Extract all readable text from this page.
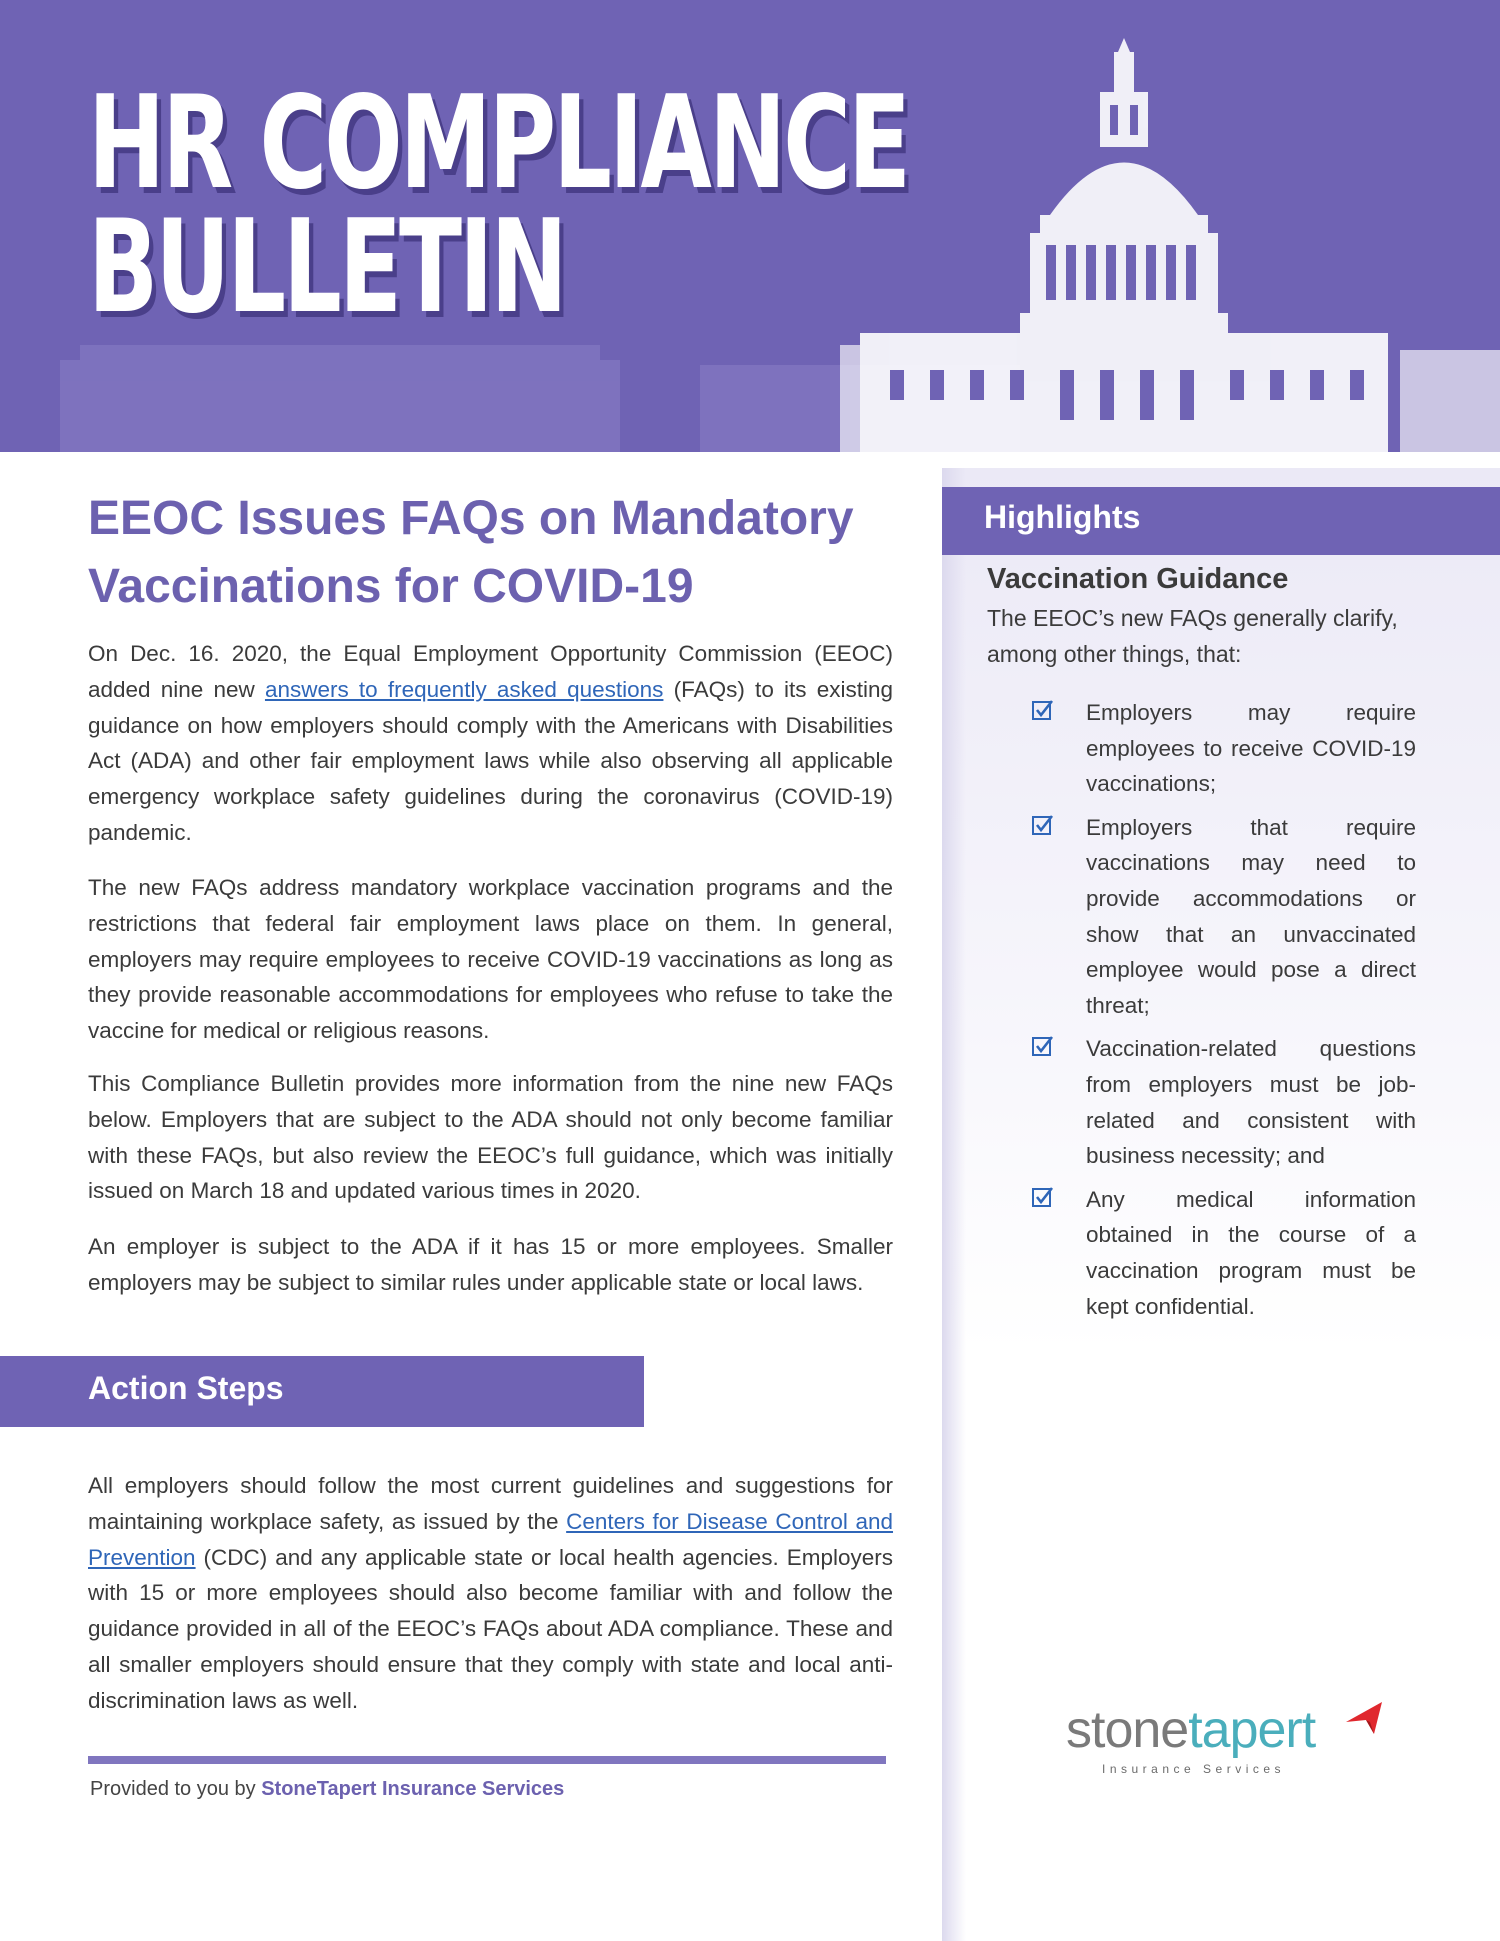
HR COMPLIANCE
BULLETIN
Highlights
Vaccination Guidance

The EEOC’s new FAQs generally clarify, among other things, that:

Employers may require employees to receive COVID-19 vaccinations;
Employers that require vaccinations may need to provide accommodations or show that an unvaccinated employee would pose a direct threat;
Vaccination-related questions from employers must be job-related and consistent with business necessity; and
Any medical information obtained in the course of a vaccination program must be kept confidential.
EEOC Issues FAQs on Mandatory Vaccinations for COVID-19

On Dec. 16. 2020, the Equal Employment Opportunity Commission (EEOC) added nine new answers to frequently asked questions (FAQs) to its existing guidance on how employers should comply with the Americans with Disabilities Act (ADA) and other fair employment laws while also observing all applicable emergency workplace safety guidelines during the coronavirus (COVID-19) pandemic.

The new FAQs address mandatory workplace vaccination programs and the restrictions that federal fair employment laws place on them. In general, employers may require employees to receive COVID-19 vaccinations as long as they provide reasonable accommodations for employees who refuse to take the vaccine for medical or religious reasons.

This Compliance Bulletin provides more information from the nine new FAQs below. Employers that are subject to the ADA should not only become familiar with these FAQs, but also review the EEOC’s full guidance, which was initially issued on March 18 and updated various times in 2020.

An employer is subject to the ADA if it has 15 or more employees. Smaller employers may be subject to similar rules under applicable state or local laws.

Action Steps

All employers should follow the most current guidelines and suggestions for maintaining workplace safety, as issued by the Centers for Disease Control and Prevention (CDC) and any applicable state or local health agencies. Employers with 15 or more employees should also become familiar with and follow the guidance provided in all of the EEOC’s FAQs about ADA compliance. These and all smaller employers should ensure that they comply with state and local anti-discrimination laws as well.

Provided to you by StoneTapert Insurance Services

stonetapert

Insurance Services
